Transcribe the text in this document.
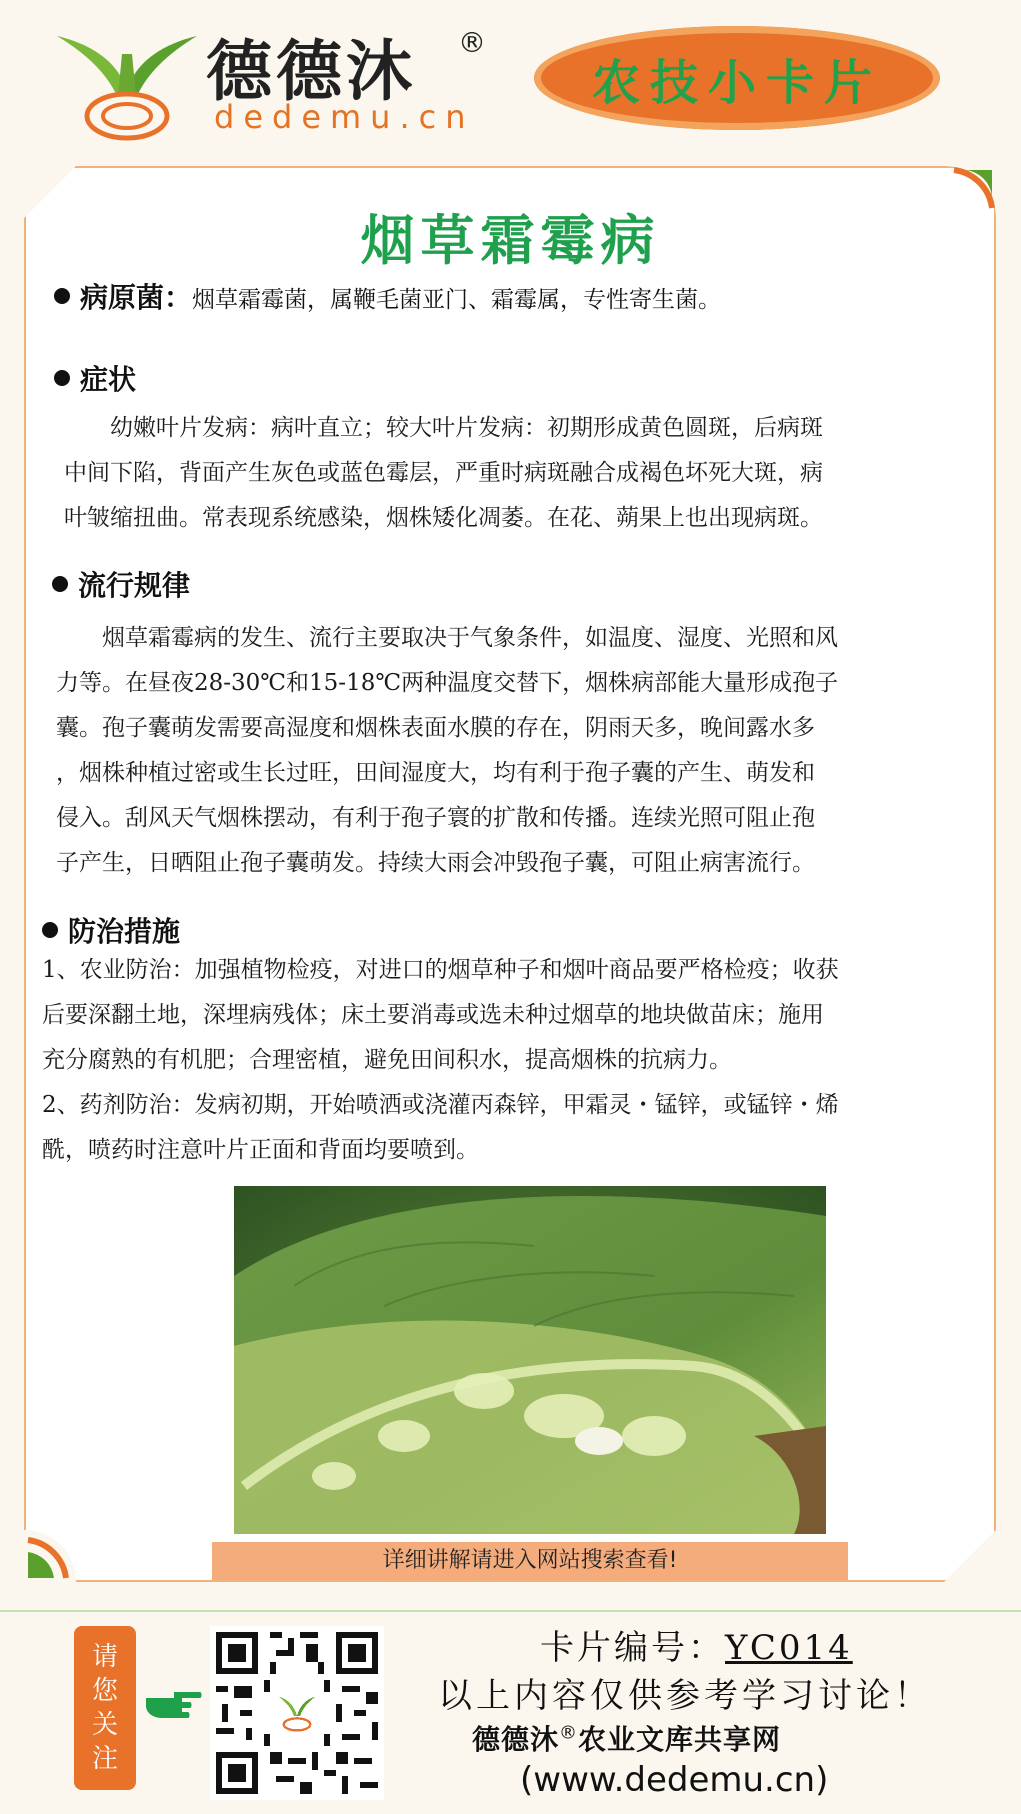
德德沐 ®
dedemu.cn
农技小卡片
烟草霜霉病
病原菌：烟草霜霉菌，属鞭毛菌亚门、霜霉属，专性寄生菌。
症状

幼嫩叶片发病：病叶直立；较大叶片发病：初期形成黄色圆斑，后病斑

中间下陷，背面产生灰色或蓝色霉层，严重时病斑融合成褐色坏死大斑，病

叶皱缩扭曲。常表现系统感染，烟株矮化凋萎。在花、蒴果上也出现病斑。

流行规律

烟草霜霉病的发生、流行主要取决于气象条件，如温度、湿度、光照和风

力等。在昼夜28-30℃和15-18℃两种温度交替下，烟株病部能大量形成孢子

囊。孢子囊萌发需要高湿度和烟株表面水膜的存在，阴雨天多，晚间露水多

，烟株种植过密或生长过旺，田间湿度大，均有利于孢子囊的产生、萌发和

侵入。刮风天气烟株摆动，有利于孢子寰的扩散和传播。连续光照可阻止孢

子产生，日晒阻止孢子囊萌发。持续大雨会冲毁孢子囊，可阻止病害流行。

防治措施

1、农业防治：加强植物检疫，对进口的烟草种子和烟叶商品要严格检疫；收获

后要深翻土地，深埋病残体；床土要消毒或选未种过烟草的地块做苗床；施用

充分腐熟的有机肥；合理密植，避免田间积水，提高烟株的抗病力。

2、药剂防治：发病初期，开始喷洒或浇灌丙森锌，甲霜灵・锰锌，或锰锌・烯

酰，喷药时注意叶片正面和背面均要喷到。

详细讲解请进入网站搜索查看!
请
您
关
注
卡片编号：YC014
以上内容仅供参考学习讨论！
德德沐®农业文库共享网
(www.dedemu.cn)
